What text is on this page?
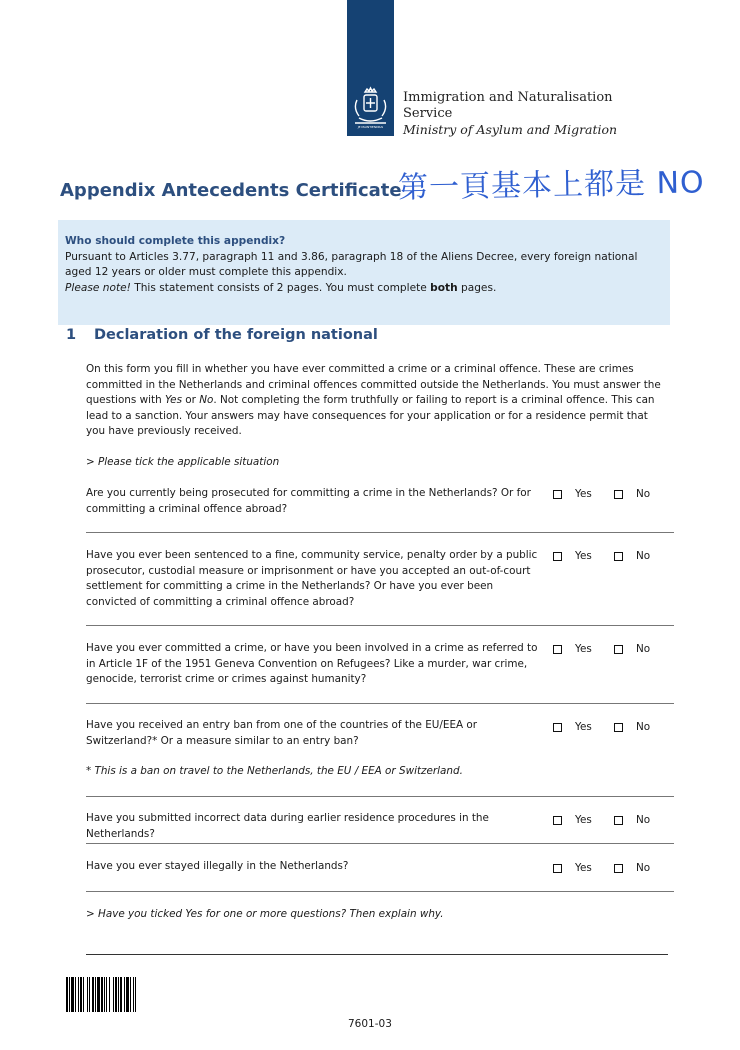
JE MAINTIENDRAI
Immigration and Naturalisation
Service
Ministry of Asylum and Migration
Appendix Antecedents Certificate
第一頁基本上都是 NO
Who should complete this appendix?
Pursuant to Articles 3.77, paragraph 11 and 3.86, paragraph 18 of the Aliens Decree, every foreign national aged 12 years or older must complete this appendix.
Please note! This statement consists of 2 pages. You must complete both pages.
1 Declaration of the foreign national
On this form you fill in whether you have ever committed a crime or a criminal offence. These are crimes committed in the Netherlands and criminal offences committed outside the Netherlands. You must answer the questions with Yes or No. Not completing the form truthfully or failing to report is a criminal offence. This can lead to a sanction. Your answers may have consequences for your application or for a residence permit that you have previously received.
> Please tick the applicable situation
Are you currently being prosecuted for committing a crime in the Netherlands? Or for committing a criminal offence abroad?
Yes	No
Have you ever been sentenced to a fine, community service, penalty order by a public prosecutor, custodial measure or imprisonment or have you accepted an out-of-court settlement for committing a crime in the Netherlands? Or have you ever been convicted of committing a criminal offence abroad?
Yes	No
Have you ever committed a crime, or have you been involved in a crime as referred to in Article 1F of the 1951 Geneva Convention on Refugees? Like a murder, war crime, genocide, terrorist crime or crimes against humanity?
Yes	No
Have you received an entry ban from one of the countries of the EU/EEA or Switzerland?* Or a measure similar to an entry ban?
Yes	No
* This is a ban on travel to the Netherlands, the EU / EEA or Switzerland.
Have you submitted incorrect data during earlier residence procedures in the Netherlands?
Yes	No
Have you ever stayed illegally in the Netherlands?	Yes	No
> Have you ticked Yes for one or more questions? Then explain why.
7601-03
